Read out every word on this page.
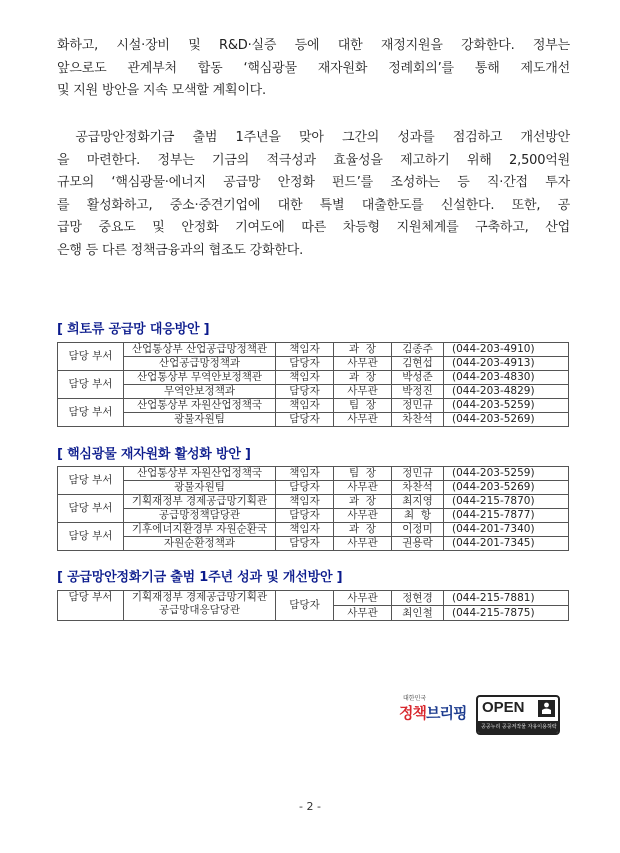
화하고, 시설·장비 및 R&D·실증 등에 대한 재정지원을 강화한다. 정부는
앞으로도 관계부처 합동 ‘핵심광물 재자원화 정례회의’를 통해 제도개선
및 지원 방안을 지속 모색할 계획이다.
공급망안정화기금 출범 1주년을 맞아 그간의 성과를 점검하고 개선방안
을 마련한다. 정부는 기금의 적극성과 효율성을 제고하기 위해 2,500억원
규모의 ‘핵심광물·에너지 공급망 안정화 펀드’를 조성하는 등 직·간접 투자
를 활성화하고, 중소·중견기업에 대한 특별 대출한도를 신설한다. 또한, 공
급망 중요도 및 안정화 기여도에 따른 차등형 지원체계를 구축하고, 산업
은행 등 다른 정책금융과의 협조도 강화한다.
[ 희토류 공급망 대응방안 ]
담당 부서	산업통상부 산업공급망정책관	책임자	과  장	김종주	(044-203-4910)
	산업공급망정책과	담당자	사무관	김현섭	(044-203-4913)
담당 부서	산업통상부 무역안보정책관	책임자	과  장	박성준	(044-203-4830)
	무역안보정책과	담당자	사무관	박정진	(044-203-4829)
담당 부서	산업통상부 자원산업정책국	책임자	팀  장	정민규	(044-203-5259)
	광물자원팀	담당자	사무관	차찬석	(044-203-5269)
[ 핵심광물 재자원화 활성화 방안 ]
담당 부서	산업통상부 자원산업정책국	책임자	팀  장	정민규	(044-203-5259)
	광물자원팀	담당자	사무관	차찬석	(044-203-5269)
담당 부서	기획재정부 경제공급망기획관	책임자	과  장	최지영	(044-215-7870)
	공급망정책담당관	담당자	사무관	최  항	(044-215-7877)
담당 부서	기후에너지환경부 자원순환국	책임자	과  장	이정미	(044-201-7340)
	자원순환정책과	담당자	사무관	권용락	(044-201-7345)
[ 공급망안정화기금 출범 1주년 성과 및 개선방안 ]
담당 부서	기획재정부 경제공급망기획관
공급망대응담당관	담당자	사무관	정현경	(044-215-7881)
			사무관	최인철	(044-215-7875)
대한민국
정책브리핑 OPEN
공공누리 공공저작물 자유이용허락
- 2 -
